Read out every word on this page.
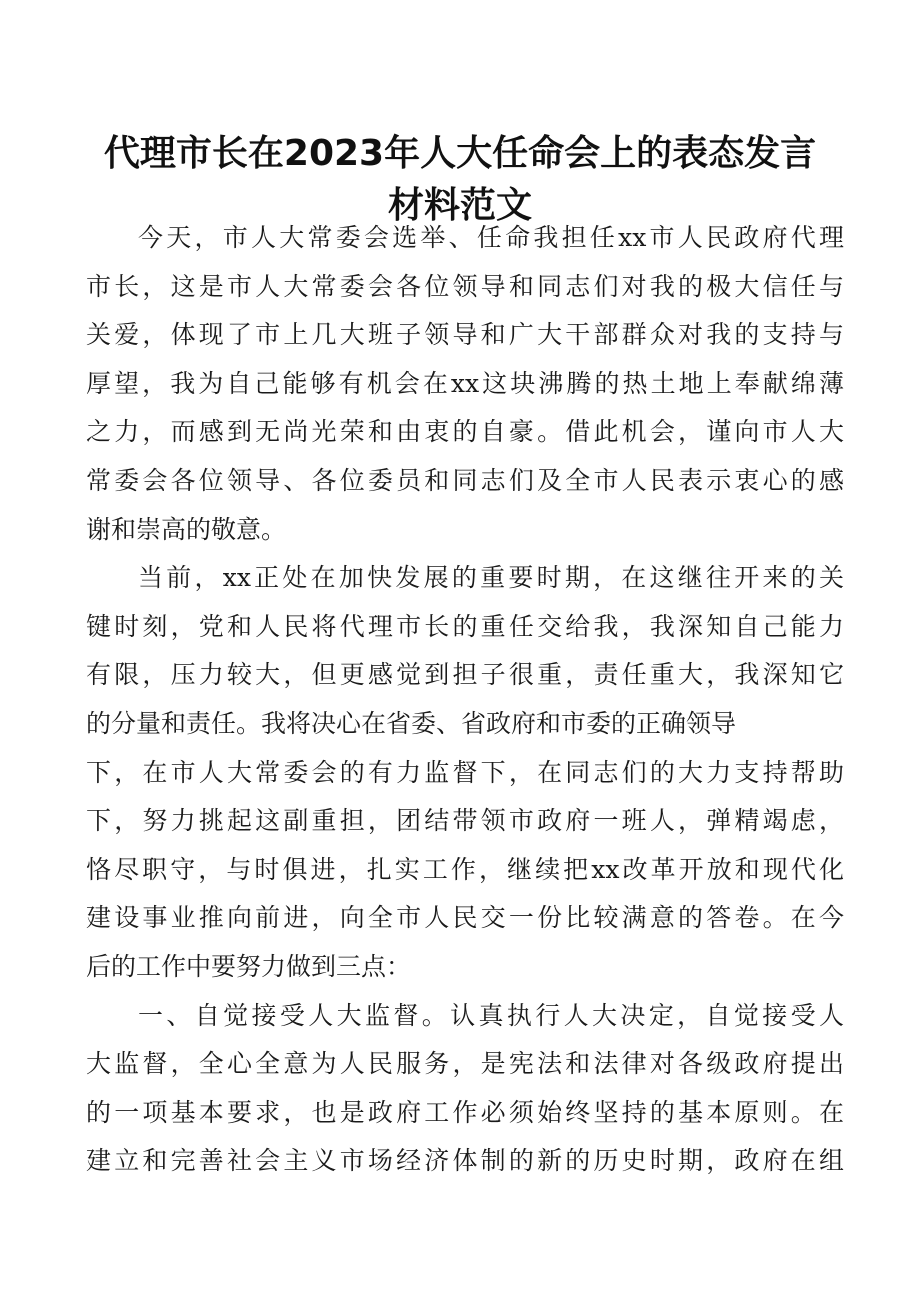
代理市长在2023年人大任命会上的表态发言
材料范文
今天，市人大常委会选举、任命我担任xx市人民政府代理
市长，这是市人大常委会各位领导和同志们对我的极大信任与
关爱，体现了市上几大班子领导和广大干部群众对我的支持与
厚望，我为自己能够有机会在xx这块沸腾的热土地上奉献绵薄
之力，而感到无尚光荣和由衷的自豪。借此机会，谨向市人大
常委会各位领导、各位委员和同志们及全市人民表示衷心的感
谢和崇高的敬意。
当前，xx正处在加快发展的重要时期，在这继往开来的关
键时刻，党和人民将代理市长的重任交给我，我深知自己能力
有限，压力较大，但更感觉到担子很重，责任重大，我深知它
的分量和责任。我将决心在省委、省政府和市委的正确领导
下，在市人大常委会的有力监督下，在同志们的大力支持帮助
下，努力挑起这副重担，团结带领市政府一班人，弹精竭虑，
恪尽职守，与时俱进，扎实工作，继续把xx改革开放和现代化
建设事业推向前进，向全市人民交一份比较满意的答卷。在今
后的工作中要努力做到三点：
一、自觉接受人大监督。认真执行人大决定，自觉接受人
大监督，全心全意为人民服务，是宪法和法律对各级政府提出
的一项基本要求，也是政府工作必须始终坚持的基本原则。在
建立和完善社会主义市场经济体制的新的历史时期，政府在组
